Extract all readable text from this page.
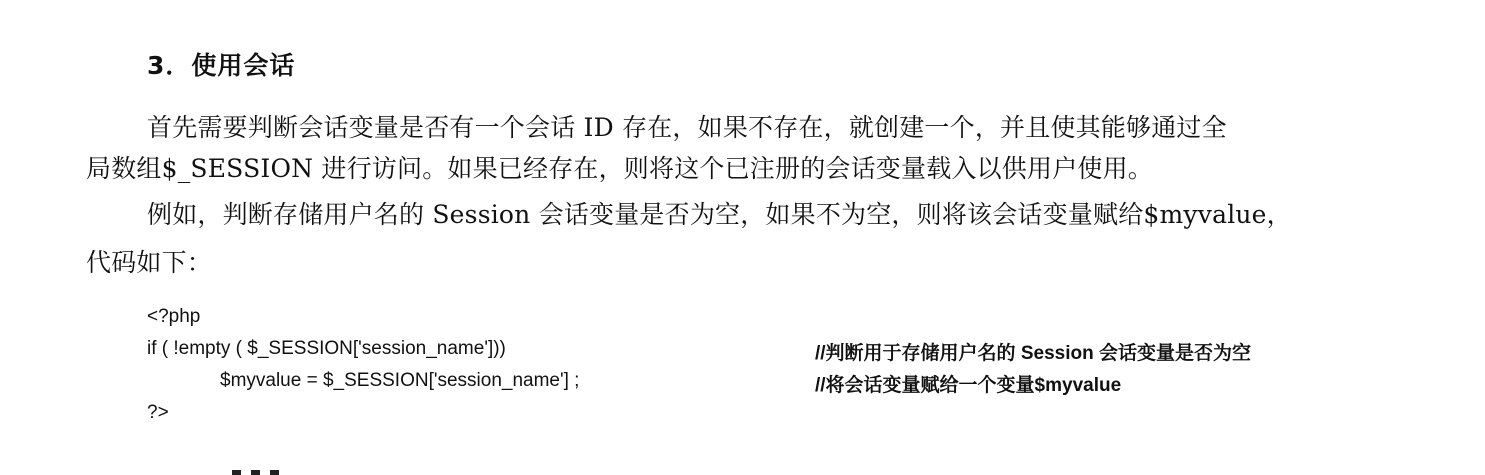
3．使用会话
首先需要判断会话变量是否有一个会话 ID 存在，如果不存在，就创建一个，并且使其能够通过全
局数组$_SESSION 进行访问。如果已经存在，则将这个已注册的会话变量载入以供用户使用。
例如，判断存储用户名的 Session 会话变量是否为空，如果不为空，则将该会话变量赋给$myvalue，
代码如下：
<?php
if ( !empty ( $_SESSION['session_name']))
$myvalue = $_SESSION['session_name'] ;
?>
//判断用于存储用户名的 Session 会话变量是否为空
//将会话变量赋给一个变量$myvalue
